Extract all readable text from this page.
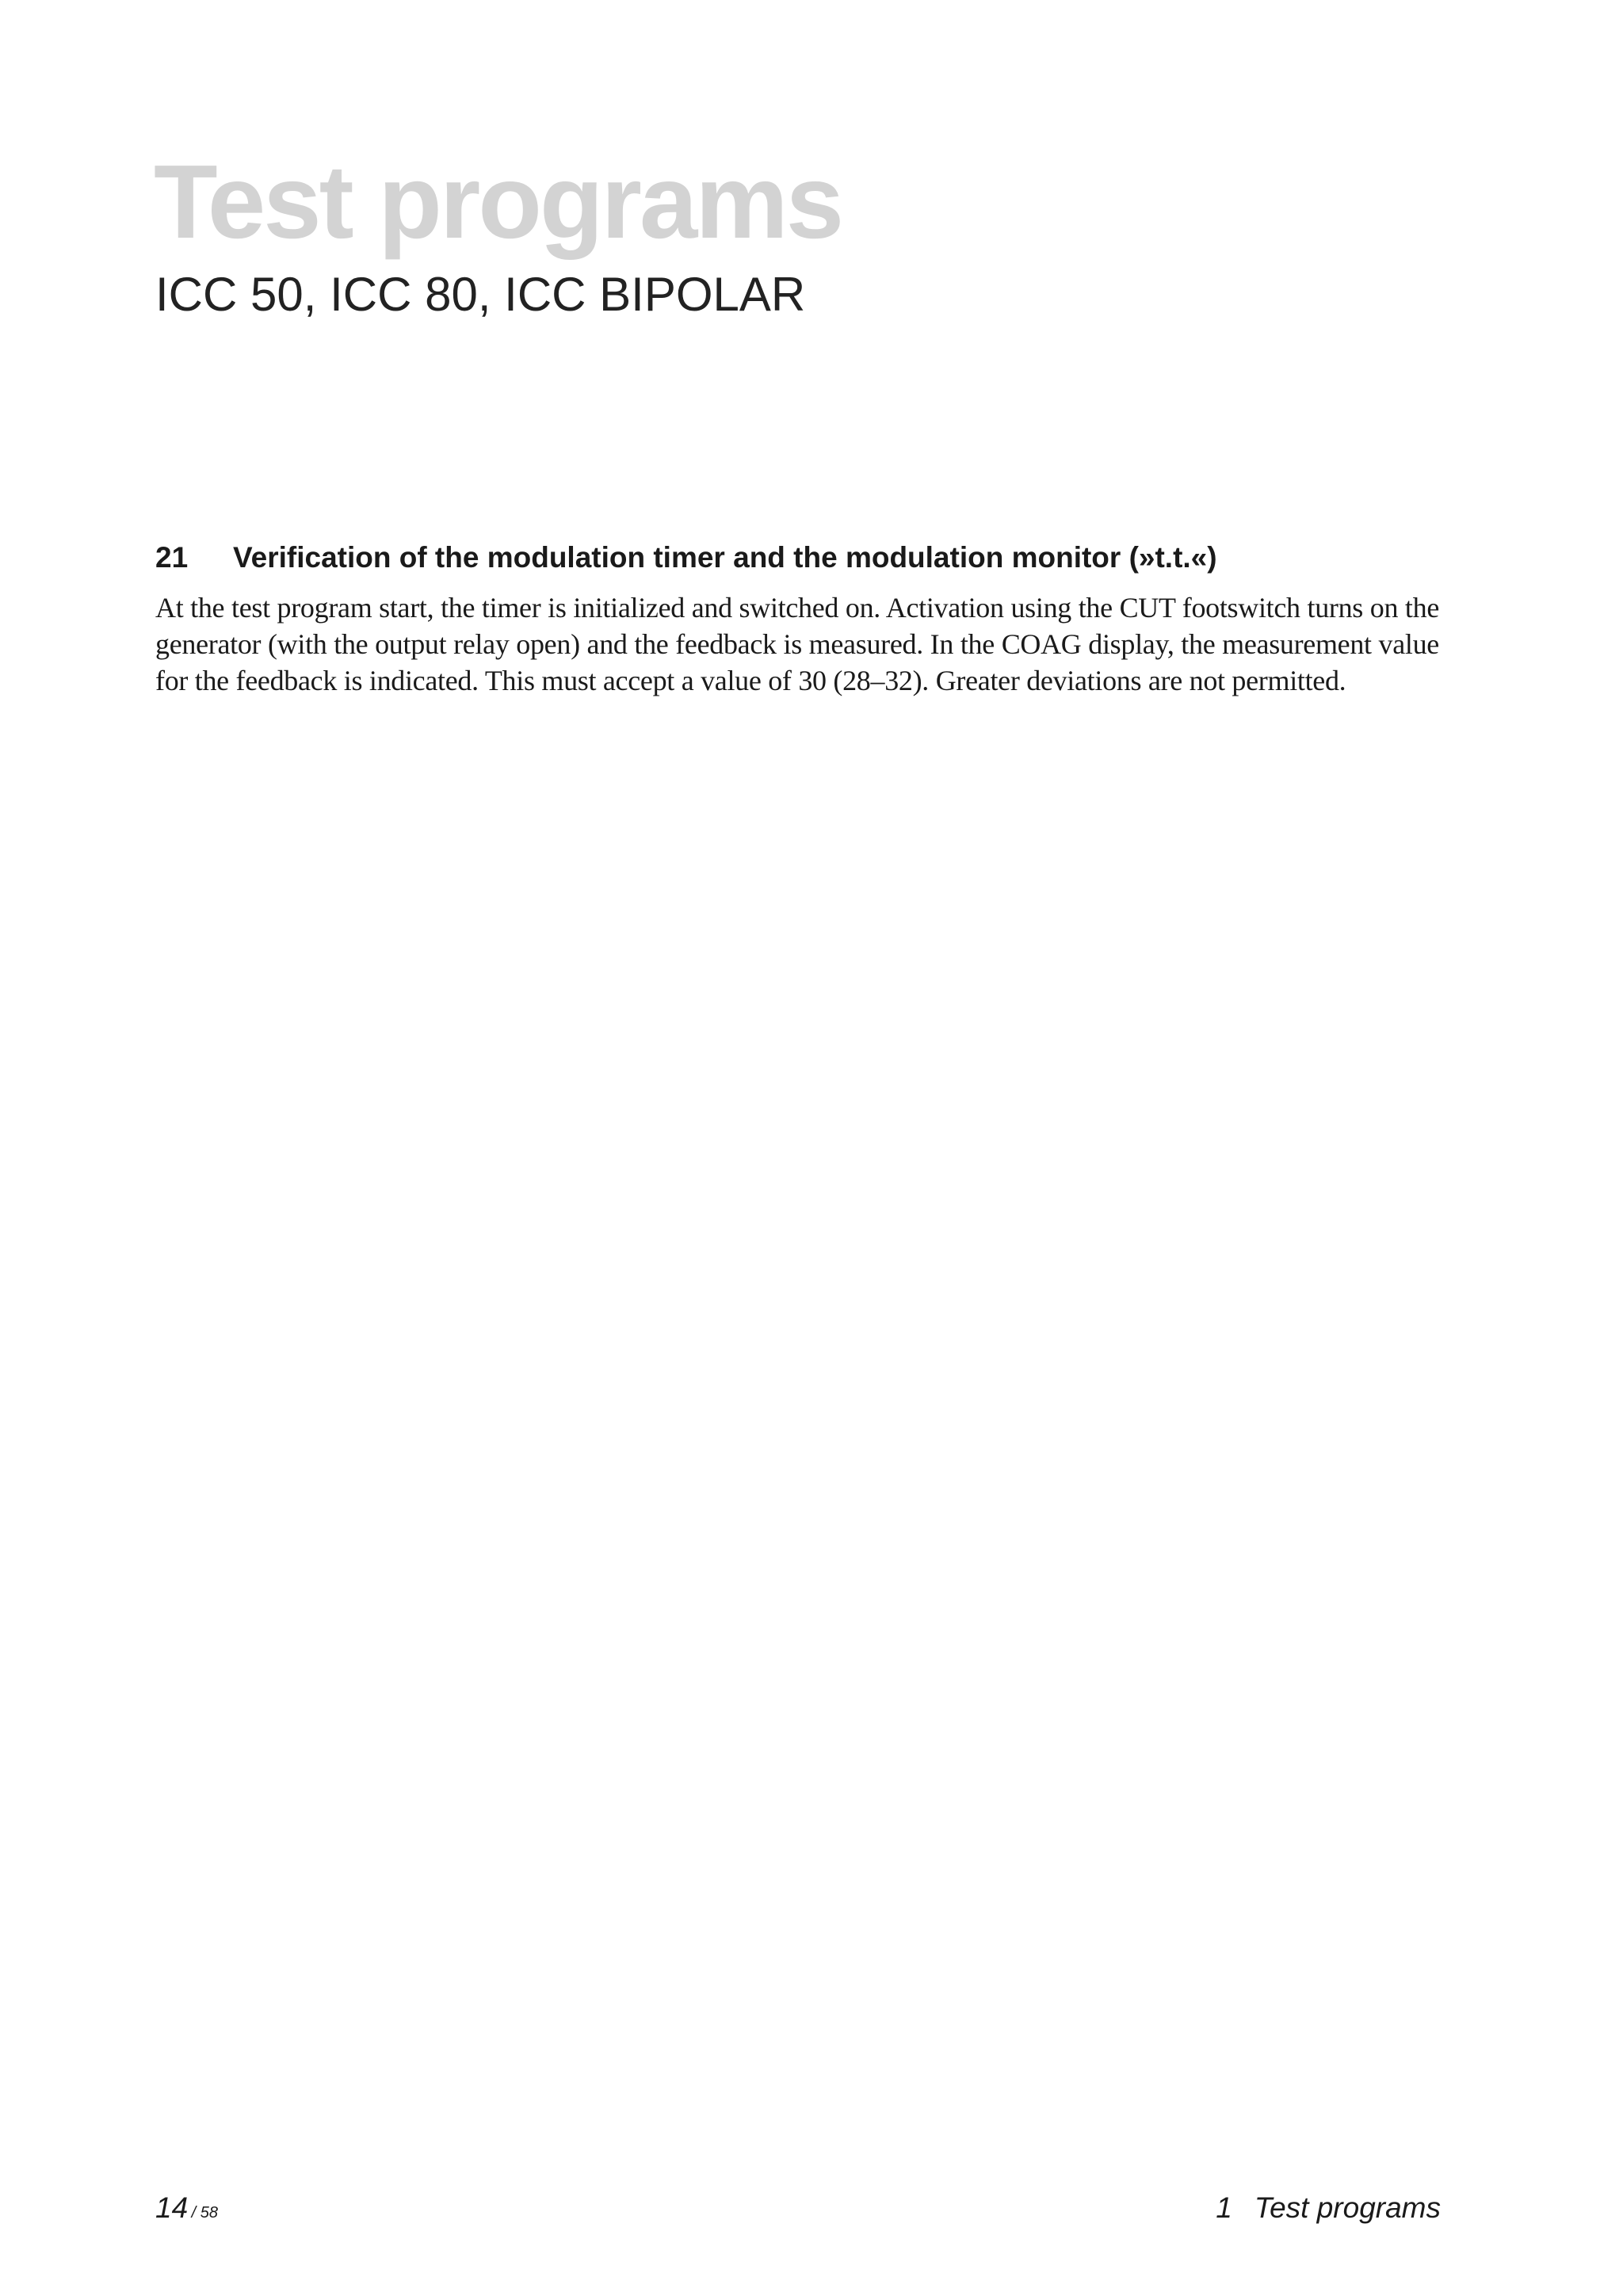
Test programs
ICC 50, ICC 80, ICC BIPOLAR
21 Verification of the modulation timer and the modulation monitor (»t.t.«)

At the test program start, the timer is initialized and switched on. Activation using the CUT footswitch turns on the generator (with the output relay open) and the feedback is measured. In the COAG display, the measurement value for the feedback is indicated. This must accept a value of 30 (28–32). Greater deviations are not permitted.

14 / 58	1 Test programs
